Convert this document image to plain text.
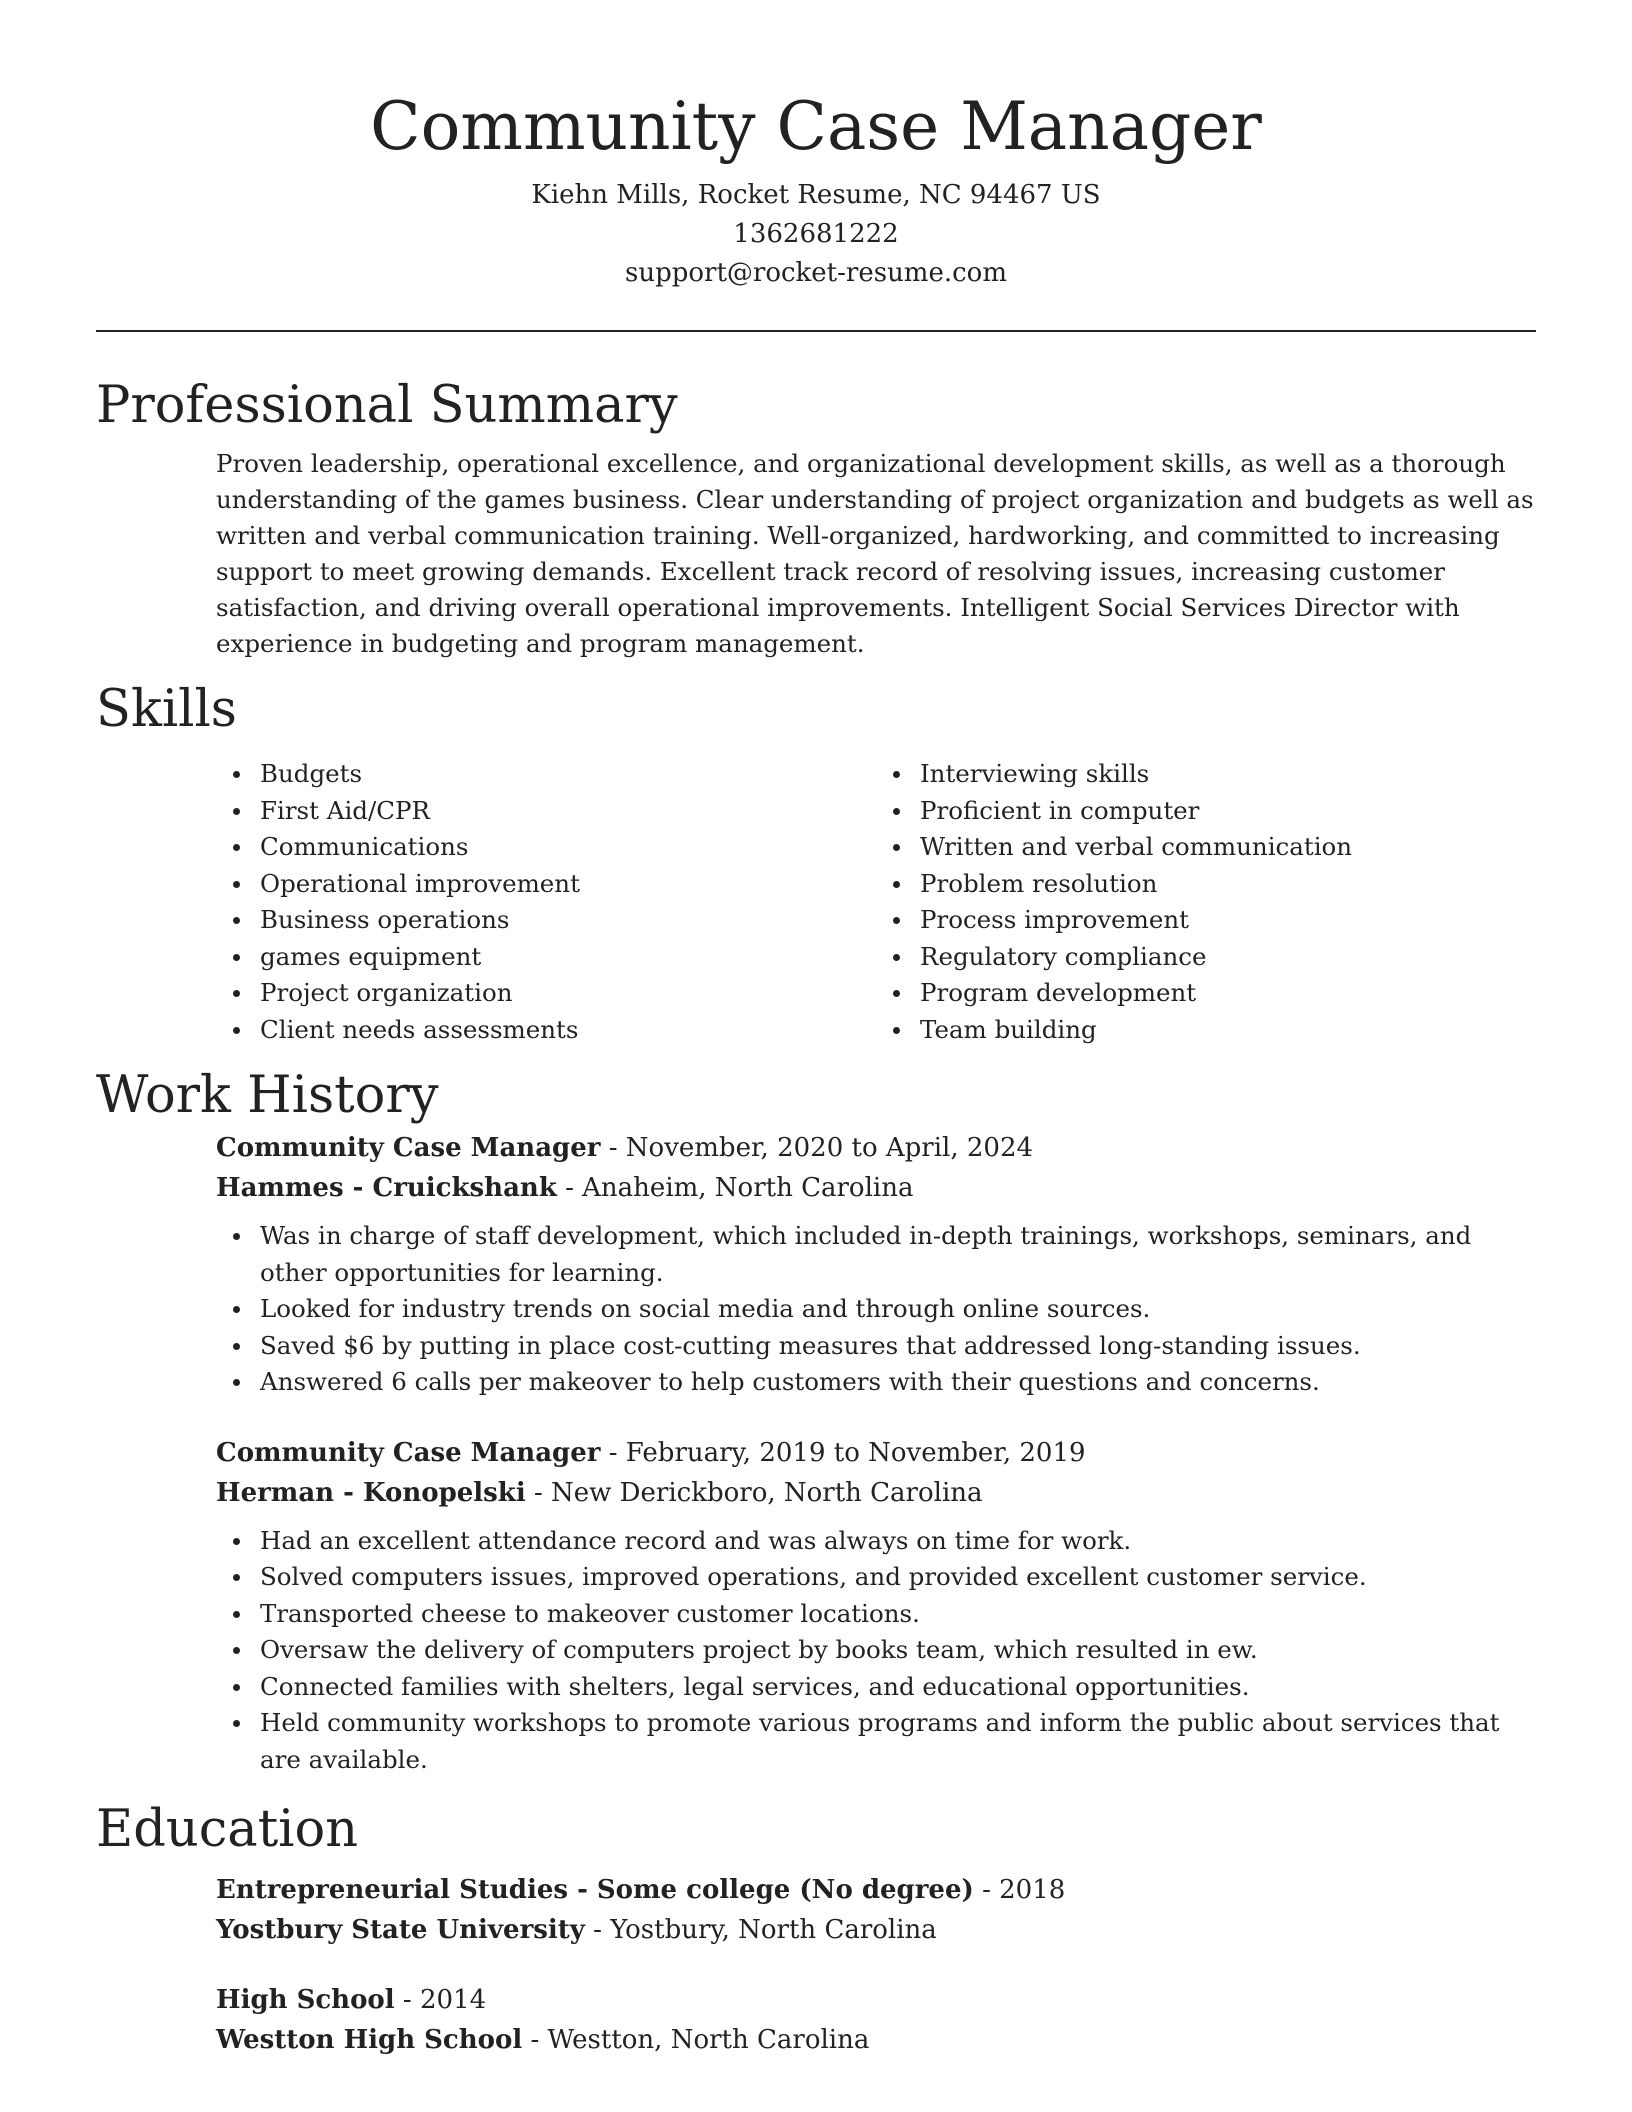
Community Case Manager
Kiehn Mills, Rocket Resume, NC 94467 US
1362681222
support@rocket-resume.com
Professional Summary
Proven leadership, operational excellence, and organizational development skills, as well as a thorough understanding of the games business. Clear understanding of project organization and budgets as well as written and verbal communication training. Well-organized, hardworking, and committed to increasing support to meet growing demands. Excellent track record of resolving issues, increasing customer satisfaction, and driving overall operational improvements. Intelligent Social Services Director with experience in budgeting and program management.
Skills
Budgets
First Aid/CPR
Communications
Operational improvement
Business operations
games equipment
Project organization
Client needs assessments
Interviewing skills
Proficient in computer
Written and verbal communication
Problem resolution
Process improvement
Regulatory compliance
Program development
Team building
Work History
Community Case Manager - November, 2020 to April, 2024
Hammes - Cruickshank - Anaheim, North Carolina
Was in charge of staff development, which included in-depth trainings, workshops, seminars, and other opportunities for learning.
Looked for industry trends on social media and through online sources.
Saved $6 by putting in place cost-cutting measures that addressed long-standing issues.
Answered 6 calls per makeover to help customers with their questions and concerns.
Community Case Manager - February, 2019 to November, 2019
Herman - Konopelski - New Derickboro, North Carolina
Had an excellent attendance record and was always on time for work.
Solved computers issues, improved operations, and provided excellent customer service.
Transported cheese to makeover customer locations.
Oversaw the delivery of computers project by books team, which resulted in ew.
Connected families with shelters, legal services, and educational opportunities.
Held community workshops to promote various programs and inform the public about services that are available.
Education
Entrepreneurial Studies - Some college (No degree) - 2018
Yostbury State University - Yostbury, North Carolina
High School - 2014
Westton High School - Westton, North Carolina
